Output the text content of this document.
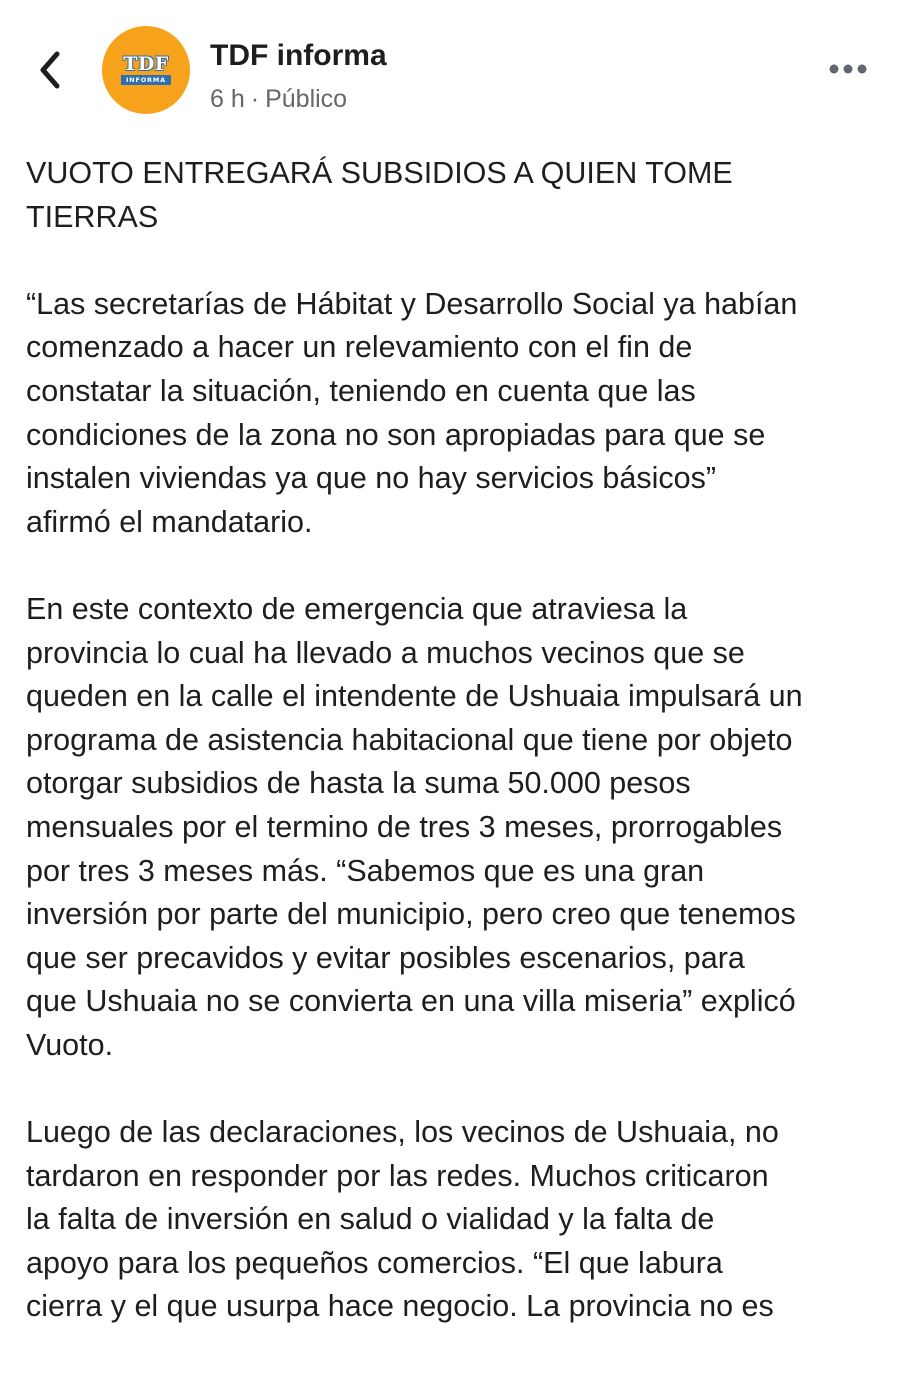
TDF
INFORMA
TDF informa
6 h · Público

VUOTO ENTREGARÁ SUBSIDIOS A QUIEN TOME
TIERRAS

“Las secretarías de Hábitat y Desarrollo Social ya habían
comenzado a hacer un relevamiento con el fin de
constatar la situación, teniendo en cuenta que las
condiciones de la zona no son apropiadas para que se
instalen viviendas ya que no hay servicios básicos”
afirmó el mandatario.

En este contexto de emergencia que atraviesa la
provincia lo cual ha llevado a muchos vecinos que se
queden en la calle el intendente de Ushuaia impulsará un
programa de asistencia habitacional que tiene por objeto
otorgar subsidios de hasta la suma 50.000 pesos
mensuales por el termino de tres 3 meses, prorrogables
por tres 3 meses más. “Sabemos que es una gran
inversión por parte del municipio, pero creo que tenemos
que ser precavidos y evitar posibles escenarios, para
que Ushuaia no se convierta en una villa miseria” explicó
Vuoto.

Luego de las declaraciones, los vecinos de Ushuaia, no
tardaron en responder por las redes. Muchos criticaron
la falta de inversión en salud o vialidad y la falta de
apoyo para los pequeños comercios. “El que labura
cierra y el que usurpa hace negocio. La provincia no es
